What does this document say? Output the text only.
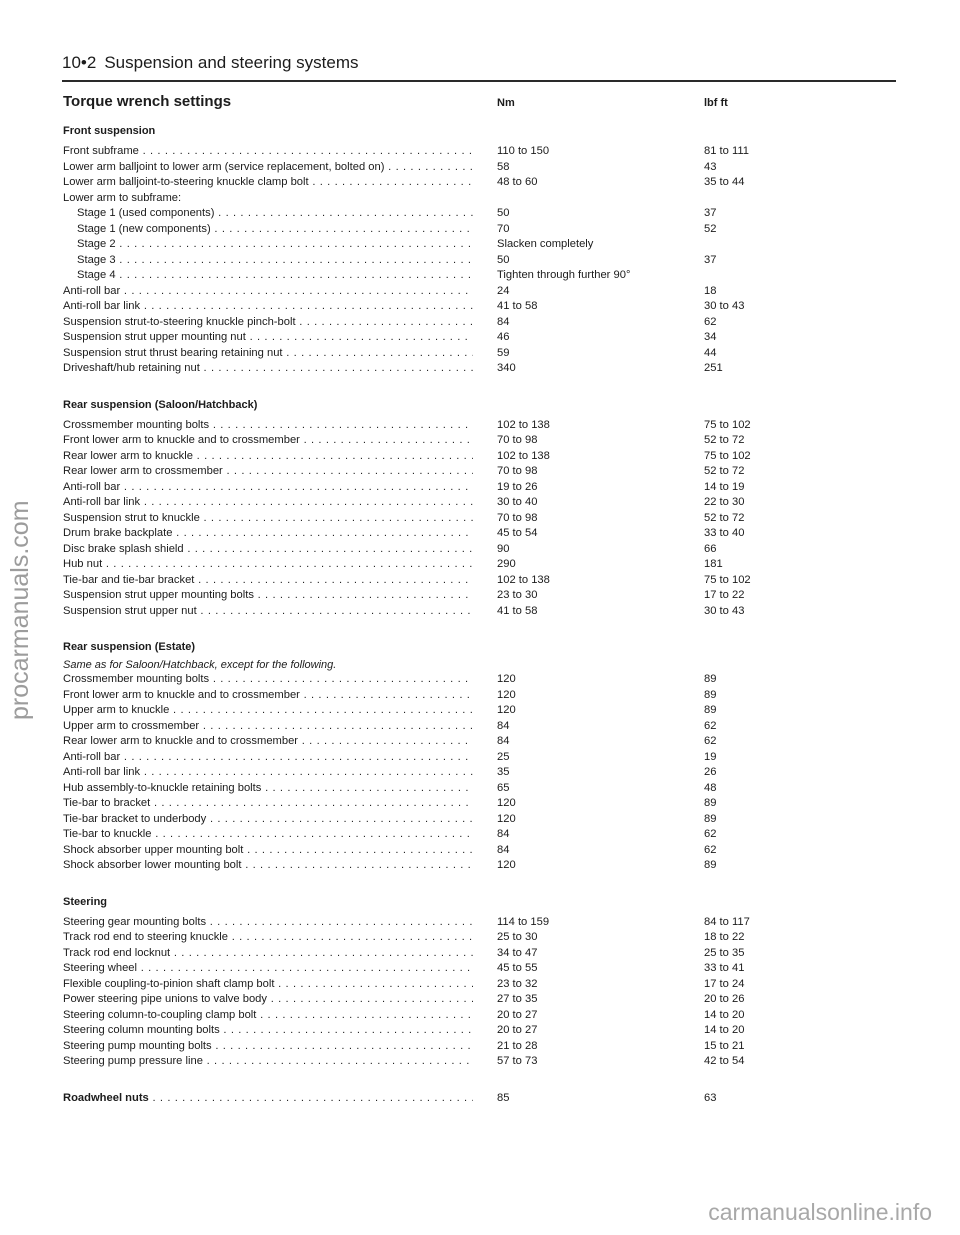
10•2 Suspension and steering systems
procarmanuals.com
carmanualsonline.info
Torque wrench settings	Nm	lbf ft
Front suspension
Front subframe . . .	110 to 150	81 to 111
Lower arm balljoint to lower arm (service replacement, bolted on) . . .	58	43
Lower arm balljoint-to-steering knuckle clamp bolt . . .	48 to 60	35 to 44
Lower arm to subframe:
Stage 1 (used components) . . .	50	37
Stage 1 (new components) . . .	70	52
Stage 2 . . .	Slacken completely
Stage 3 . . .	50	37
Stage 4 . . .	Tighten through further 90°
Anti-roll bar . . .	24	18
Anti-roll bar link . . .	41 to 58	30 to 43
Suspension strut-to-steering knuckle pinch-bolt . . .	84	62
Suspension strut upper mounting nut . . .	46	34
Suspension strut thrust bearing retaining nut . . .	59	44
Driveshaft/hub retaining nut . . .	340	251
Rear suspension (Saloon/Hatchback)
Crossmember mounting bolts . . .	102 to 138	75 to 102
Front lower arm to knuckle and to crossmember . . .	70 to 98	52 to 72
Rear lower arm to knuckle . . .	102 to 138	75 to 102
Rear lower arm to crossmember . . .	70 to 98	52 to 72
Anti-roll bar . . .	19 to 26	14 to 19
Anti-roll bar link . . .	30 to 40	22 to 30
Suspension strut to knuckle . . .	70 to 98	52 to 72
Drum brake backplate . . .	45 to 54	33 to 40
Disc brake splash shield . . .	90	66
Hub nut . . .	290	181
Tie-bar and tie-bar bracket . . .	102 to 138	75 to 102
Suspension strut upper mounting bolts . . .	23 to 30	17 to 22
Suspension strut upper nut . . .	41 to 58	30 to 43
Rear suspension (Estate)
Same as for Saloon/Hatchback, except for the following.
Crossmember mounting bolts . . .	120	89
Front lower arm to knuckle and to crossmember . . .	120	89
Upper arm to knuckle . . .	120	89
Upper arm to crossmember . . .	84	62
Rear lower arm to knuckle and to crossmember . . .	84	62
Anti-roll bar . . .	25	19
Anti-roll bar link . . .	35	26
Hub assembly-to-knuckle retaining bolts . . .	65	48
Tie-bar to bracket . . .	120	89
Tie-bar bracket to underbody . . .	120	89
Tie-bar to knuckle . . .	84	62
Shock absorber upper mounting bolt . . .	84	62
Shock absorber lower mounting bolt . . .	120	89
Steering
Steering gear mounting bolts . . .	114 to 159	84 to 117
Track rod end to steering knuckle . . .	25 to 30	18 to 22
Track rod end locknut . . .	34 to 47	25 to 35
Steering wheel . . .	45 to 55	33 to 41
Flexible coupling-to-pinion shaft clamp bolt . . .	23 to 32	17 to 24
Power steering pipe unions to valve body . . .	27 to 35	20 to 26
Steering column-to-coupling clamp bolt . . .	20 to 27	14 to 20
Steering column mounting bolts . . .	20 to 27	14 to 20
Steering pump mounting bolts . . .	21 to 28	15 to 21
Steering pump pressure line . . .	57 to 73	42 to 54
Roadwheel nuts . . .	85	63
